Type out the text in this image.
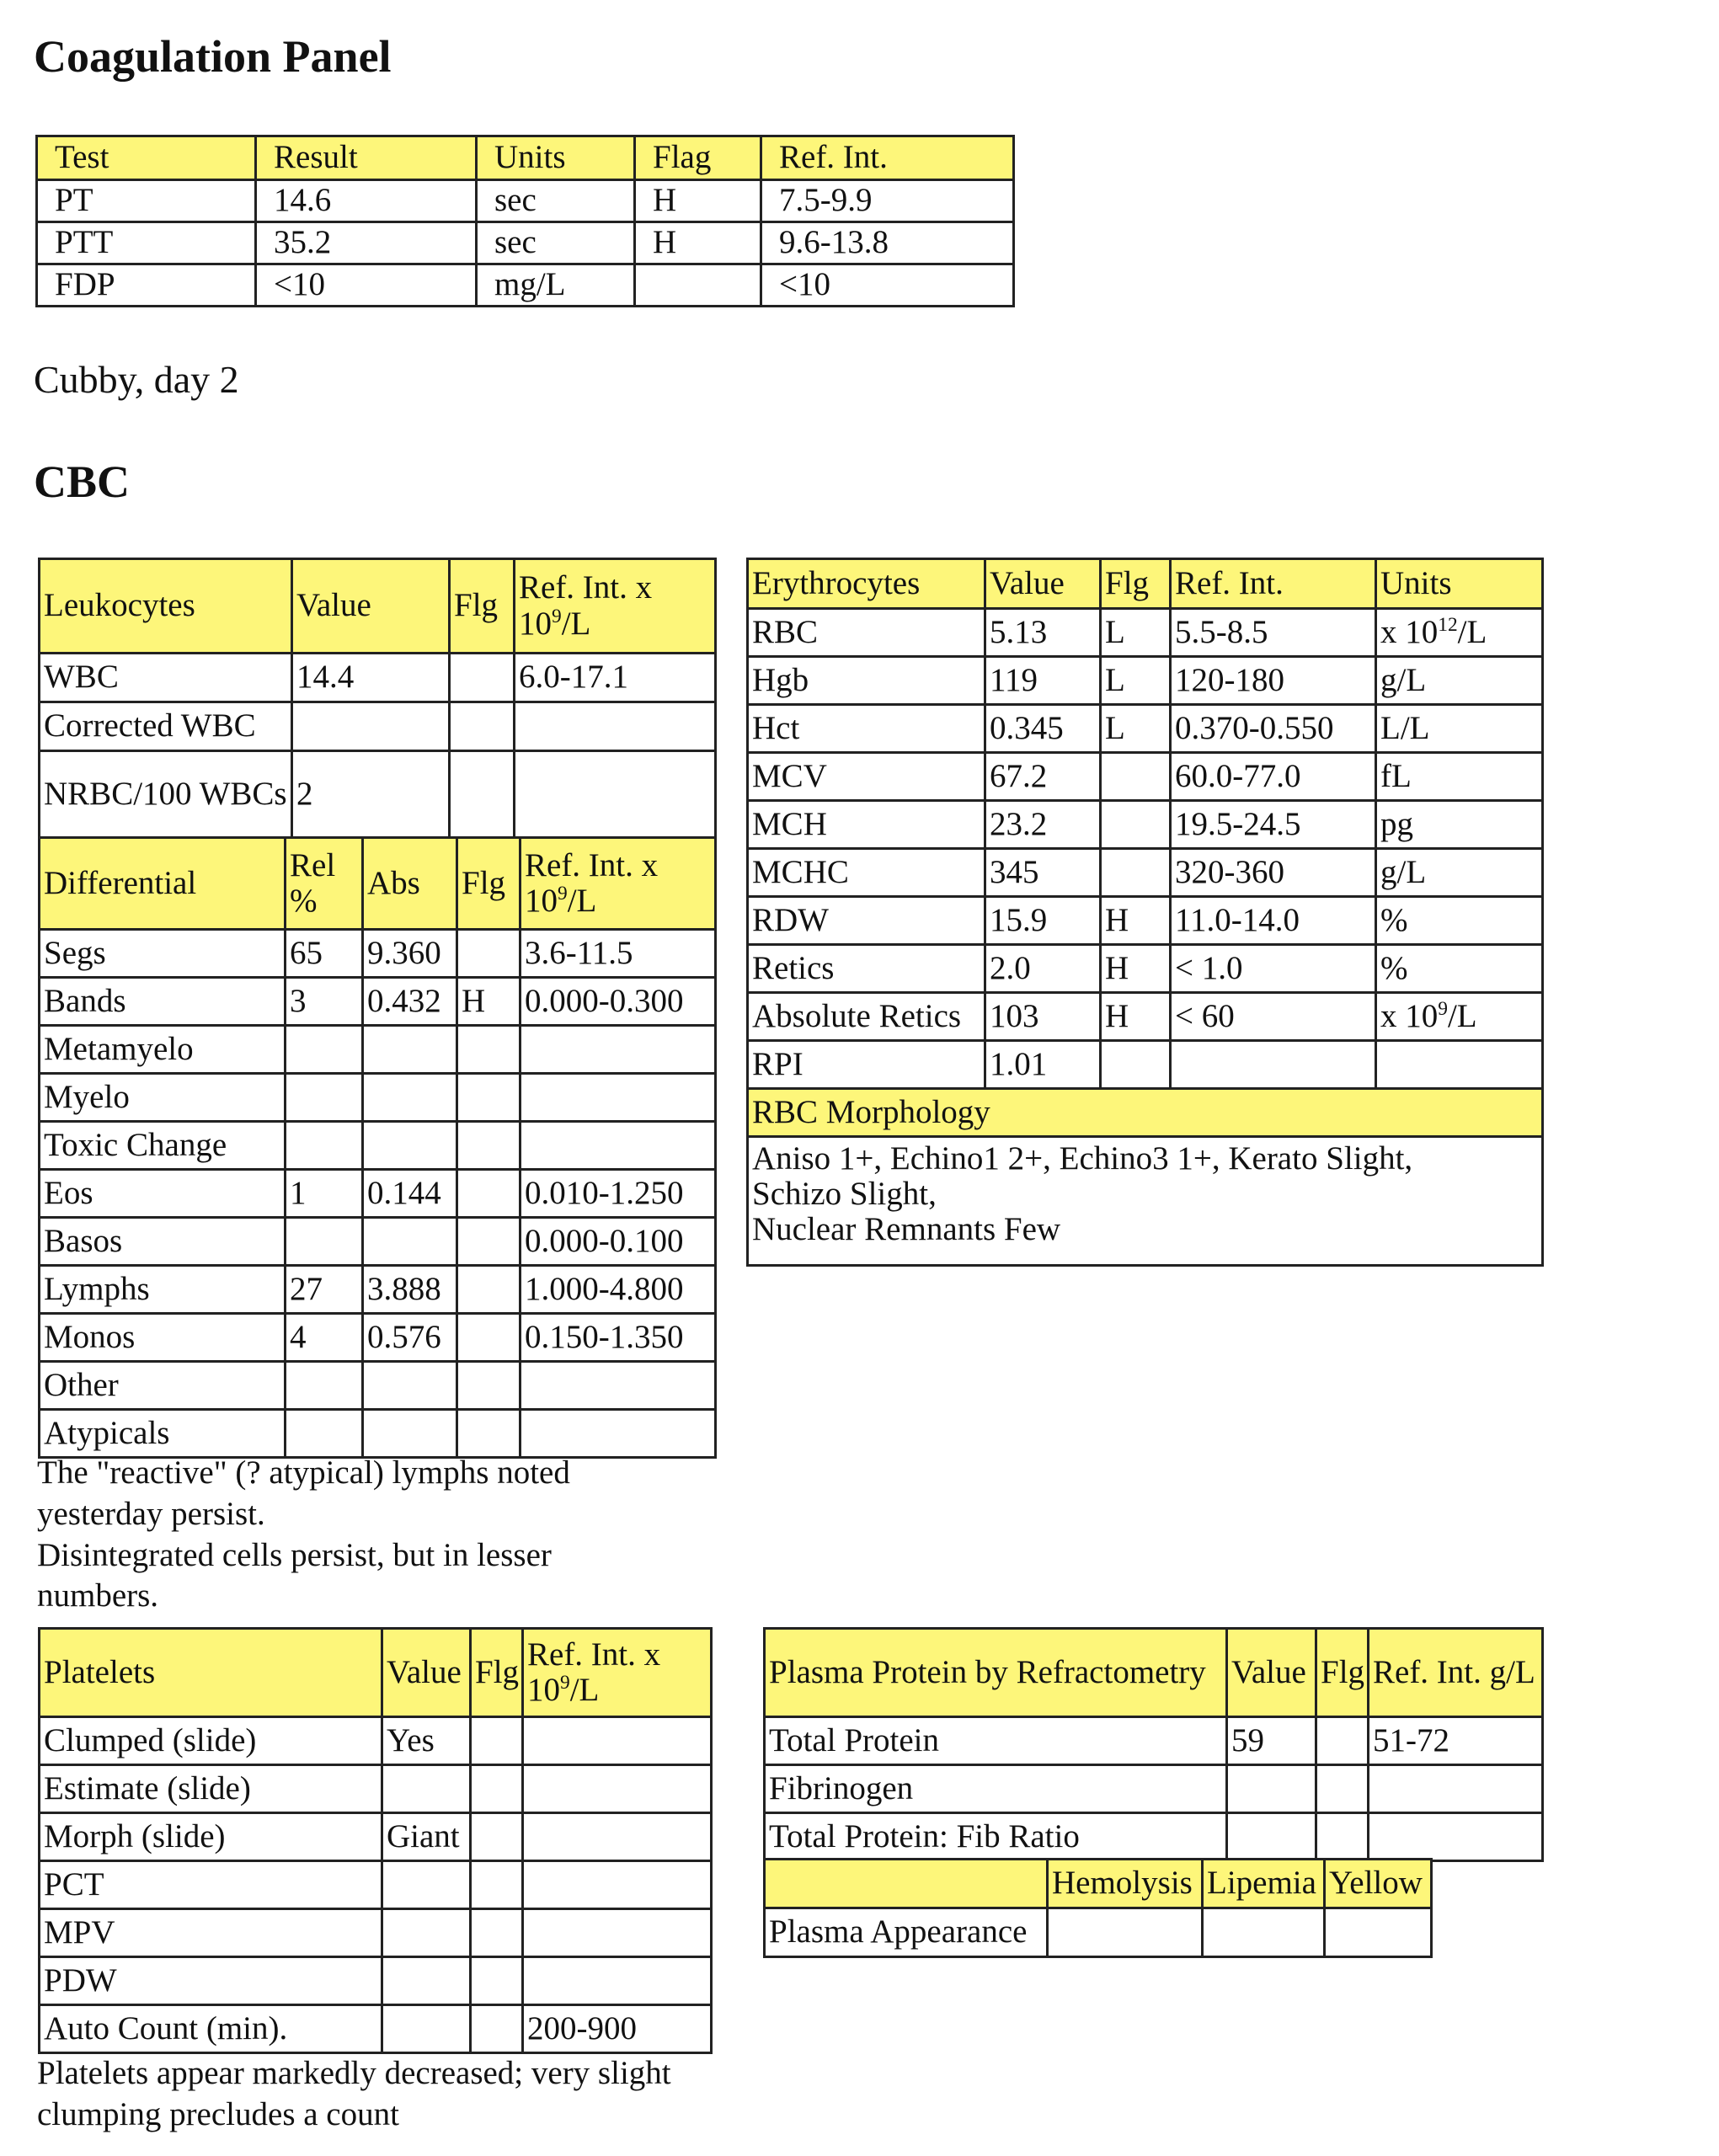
Coagulation Panel
Test	Result	Units	Flag	Ref. Int.
PT	14.6	sec	H	7.5-9.9
PTT	35.2	sec	H	9.6-13.8
FDP	<10	mg/L		<10
Cubby, day 2
CBC
Leukocytes	Value	Flg	Ref. Int. x
$10^9/L$
WBC	14.4		6.0-17.1
Corrected WBC			
NRBC/100 WBCs	2		
Differential	Rel %	Abs	Flg	Ref. Int. x
$10^9/L$
Segs	65	9.360		3.6-11.5
Bands	3	0.432	H	0.000-0.300
Metamyelo				
Myelo				
Toxic Change				
Eos	1	0.144		0.010-1.250
Basos				0.000-0.100
Lymphs	27	3.888		1.000-4.800
Monos	4	0.576		0.150-1.350
Other				
Atypicals				
The "reactive" (? atypical) lymphs noted yesterday persist.
Disintegrated cells persist, but in lesser numbers.
Erythrocytes	Value	Flg	Ref. Int.	Units
RBC	5.13	L	5.5-8.5	x $10^{12}/L$
Hgb	119	L	120-180	g/L
Hct	0.345	L	0.370-0.550	L/L
MCV	67.2		60.0-77.0	fL
MCH	23.2		19.5-24.5	pg
MCHC	345		320-360	g/L
RDW	15.9	H	11.0-14.0	%
Retics	2.0	H	< 1.0	%
Absolute Retics	103	H	< 60	x $10^9/L$
RPI	1.01			
RBC Morphology				

Aniso 1+, Echino1 2+, Echino3 1+, Kerato Slight,
Schizo Slight,
Nuclear Remnants Few				
Platelets	Value	Flg	Ref. Int. x
$10^9/L$
Clumped (slide)	Yes		
Estimate (slide)			
Morph (slide)	Giant		
PCT			
MPV			
PDW			
Auto Count (min).			200-900
Platelets appear markedly decreased; very slight clumping precludes a count
Plasma Protein by Refractometry	Value	Flg	Ref. Int. g/L
Total Protein	59		51-72
Fibrinogen			
Total Protein: Fib Ratio			
	Hemolysis	Lipemia	Yellow
Plasma Appearance			
